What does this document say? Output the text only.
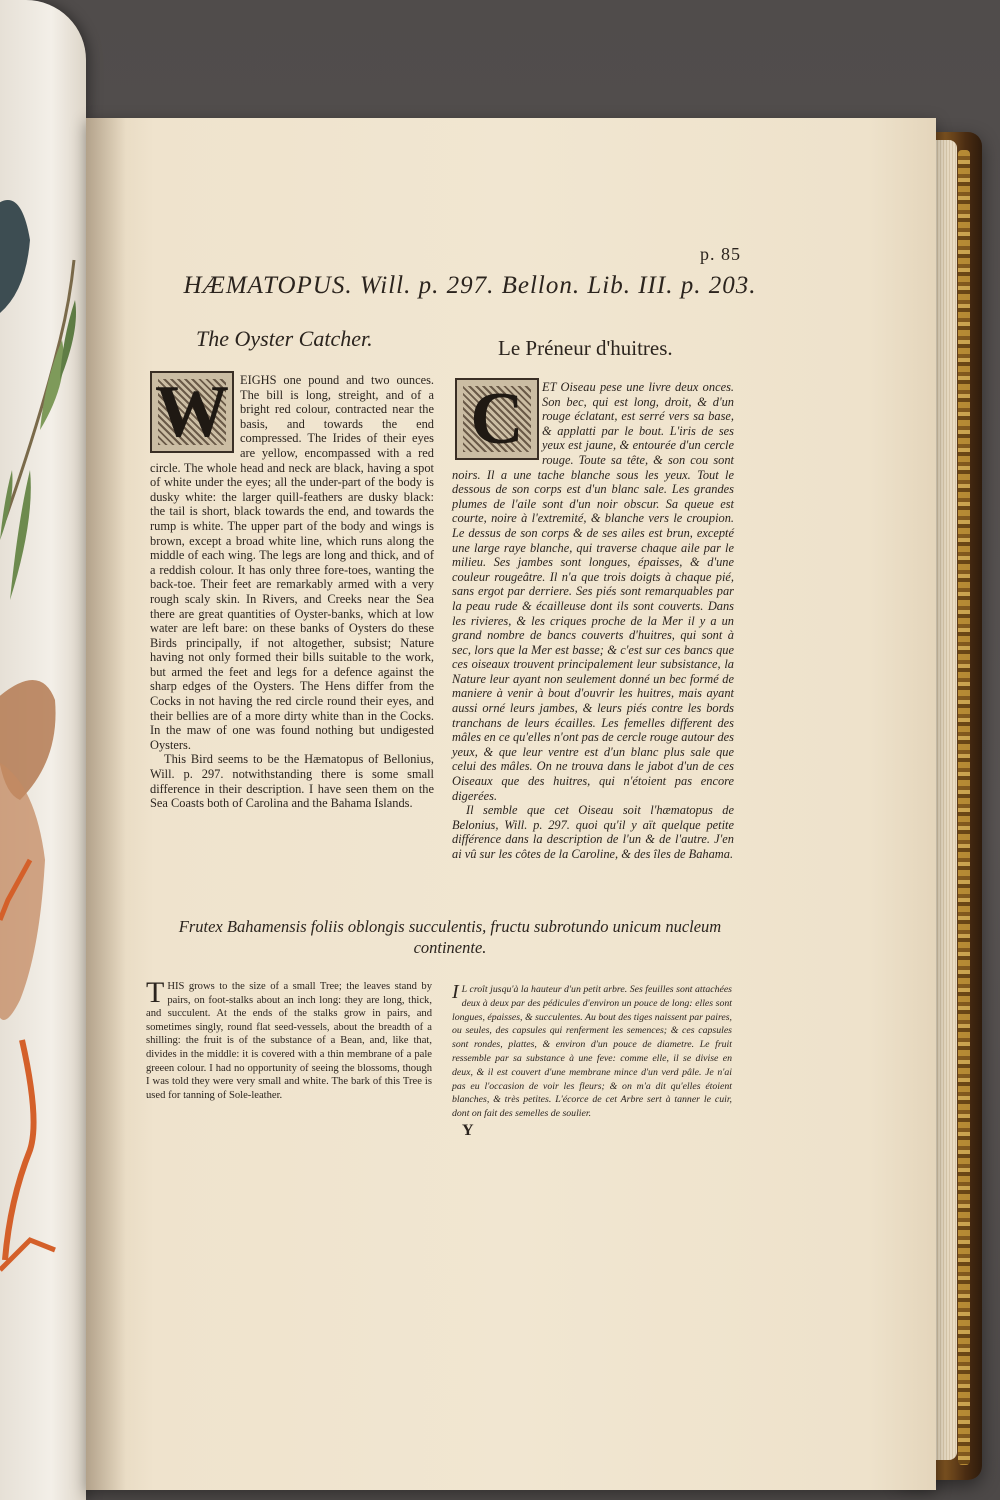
p. 85
HÆMATOPUS. Will. p. 297. Bellon. Lib. III. p. 203.
The Oyster Catcher.	Le Préneur d'huitres.
W	C

EIGHS one pound and two ounces. The bill is long, streight, and of a bright red colour, contracted near the basis, and towards the end compressed. The Irides of their eyes are yellow, encompassed with a red circle. The whole head and neck are black, having a spot of white under the eyes; all the under-part of the body is dusky white: the larger quill-feathers are dusky black: the tail is short, black towards the end, and towards the rump is white. The upper part of the body and wings is brown, except a broad white line, which runs along the middle of each wing. The legs are long and thick, and of a reddish colour. It has only three fore-toes, wanting the back-toe. Their feet are remarkably armed with a very rough scaly skin. In Rivers, and Creeks near the Sea there are great quantities of Oyster-banks, which at low water are left bare: on these banks of Oysters do these Birds principally, if not altogether, subsist; Nature having not only formed their bills suitable to the work, but armed the feet and legs for a defence against the sharp edges of the Oysters. The Hens differ from the Cocks in not having the red circle round their eyes, and their bellies are of a more dirty white than in the Cocks. In the maw of one was found nothing but undigested Oysters.

This Bird seems to be the Hæmatopus of Bellonius, Will. p. 297. notwithstanding there is some small difference in their description. I have seen them on the Sea Coasts both of Carolina and the Bahama Islands.

ET Oiseau pese une livre deux onces. Son bec, qui est long, droit, & d'un rouge éclatant, est serré vers sa base, & applatti par le bout. L'iris de ses yeux est jaune, & entourée d'un cercle rouge. Toute sa tête, & son cou sont noirs. Il a une tache blanche sous les yeux. Tout le dessous de son corps est d'un blanc sale. Les grandes plumes de l'aile sont d'un noir obscur. Sa queue est courte, noire à l'extremité, & blanche vers le croupion. Le dessus de son corps & de ses ailes est brun, excepté une large raye blanche, qui traverse chaque aile par le milieu. Ses jambes sont longues, épaisses, & d'une couleur rougeâtre. Il n'a que trois doigts à chaque pié, sans ergot par derriere. Ses piés sont remarquables par la peau rude & écailleuse dont ils sont couverts. Dans les rivieres, & les criques proche de la Mer il y a un grand nombre de bancs couverts d'huitres, qui sont à sec, lors que la Mer est basse; & c'est sur ces bancs que ces oiseaux trouvent principalement leur subsistance, la Nature leur ayant non seulement donné un bec formé de maniere à venir à bout d'ouvrir les huitres, mais ayant aussi orné leurs jambes, & leurs piés contre les bords tranchans de leurs écailles. Les femelles different des mâles en ce qu'elles n'ont pas de cercle rouge autour des yeux, & que leur ventre est d'un blanc plus sale que celui des mâles. On ne trouva dans le jabot d'un de ces Oiseaux que des huitres, qui n'étoient pas encore digerées.

Il semble que cet Oiseau soit l'hæmatopus de Belonius, Will. p. 297. quoi qu'il y aït quelque petite différence dans la description de l'un & de l'autre. J'en ai vû sur les côtes de la Caroline, & des îles de Bahama.

Frutex Bahamensis foliis oblongis succulentis, fructu subrotundo unicum nucleum continente.
THIS grows to the size of a small Tree; the leaves stand by pairs, on foot-stalks about an inch long: they are long, thick, and succulent. At the ends of the stalks grow in pairs, and sometimes singly, round flat seed-vessels, about the breadth of a shilling: the fruit is of the substance of a Bean, and, like that, divides in the middle: it is covered with a thin membrane of a pale greeen colour. I had no opportunity of seeing the blossoms, though I was told they were very small and white. The bark of this Tree is used for tanning of Sole-leather.
I L croît jusqu'à la hauteur d'un petit arbre. Ses feuilles sont attachées deux à deux par des pédicules d'environ un pouce de long: elles sont longues, épaisses, & succulentes. Au bout des tiges naissent par paires, ou seules, des capsules qui renferment les semences; & ces capsules sont rondes, plattes, & environ d'un pouce de diametre. Le fruit ressemble par sa substance à une feve: comme elle, il se divise en deux, & il est couvert d'une membrane mince d'un verd pâle. Je n'ai pas eu l'occasion de voir les fleurs; & on m'a dit qu'elles étoient blanches, & très petites. L'écorce de cet Arbre sert à tanner le cuir, dont on fait des semelles de soulier.
Y
